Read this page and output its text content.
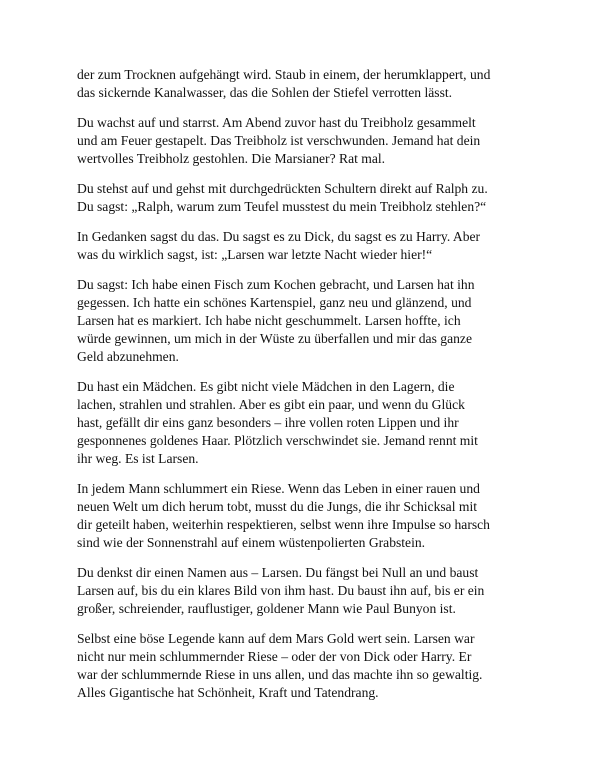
der zum Trocknen aufgehängt wird. Staub in einem, der herumklappert, und
das sickernde Kanalwasser, das die Sohlen der Stiefel verrotten lässt.

Du wachst auf und starrst. Am Abend zuvor hast du Treibholz gesammelt
und am Feuer gestapelt. Das Treibholz ist verschwunden. Jemand hat dein
wertvolles Treibholz gestohlen. Die Marsianer? Rat mal.

Du stehst auf und gehst mit durchgedrückten Schultern direkt auf Ralph zu.
Du sagst: „Ralph, warum zum Teufel musstest du mein Treibholz stehlen?“

In Gedanken sagst du das. Du sagst es zu Dick, du sagst es zu Harry. Aber
was du wirklich sagst, ist: „Larsen war letzte Nacht wieder hier!“

Du sagst: Ich habe einen Fisch zum Kochen gebracht, und Larsen hat ihn
gegessen. Ich hatte ein schönes Kartenspiel, ganz neu und glänzend, und
Larsen hat es markiert. Ich habe nicht geschummelt. Larsen hoffte, ich
würde gewinnen, um mich in der Wüste zu überfallen und mir das ganze
Geld abzunehmen.

Du hast ein Mädchen. Es gibt nicht viele Mädchen in den Lagern, die
lachen, strahlen und strahlen. Aber es gibt ein paar, und wenn du Glück
hast, gefällt dir eins ganz besonders – ihre vollen roten Lippen und ihr
gesponnenes goldenes Haar. Plötzlich verschwindet sie. Jemand rennt mit
ihr weg. Es ist Larsen.

In jedem Mann schlummert ein Riese. Wenn das Leben in einer rauen und
neuen Welt um dich herum tobt, musst du die Jungs, die ihr Schicksal mit
dir geteilt haben, weiterhin respektieren, selbst wenn ihre Impulse so harsch
sind wie der Sonnenstrahl auf einem wüstenpolierten Grabstein.

Du denkst dir einen Namen aus – Larsen. Du fängst bei Null an und baust
Larsen auf, bis du ein klares Bild von ihm hast. Du baust ihn auf, bis er ein
großer, schreiender, rauflustiger, goldener Mann wie Paul Bunyon ist.

Selbst eine böse Legende kann auf dem Mars Gold wert sein. Larsen war
nicht nur mein schlummernder Riese – oder der von Dick oder Harry. Er
war der schlummernde Riese in uns allen, und das machte ihn so gewaltig.
Alles Gigantische hat Schönheit, Kraft und Tatendrang.
